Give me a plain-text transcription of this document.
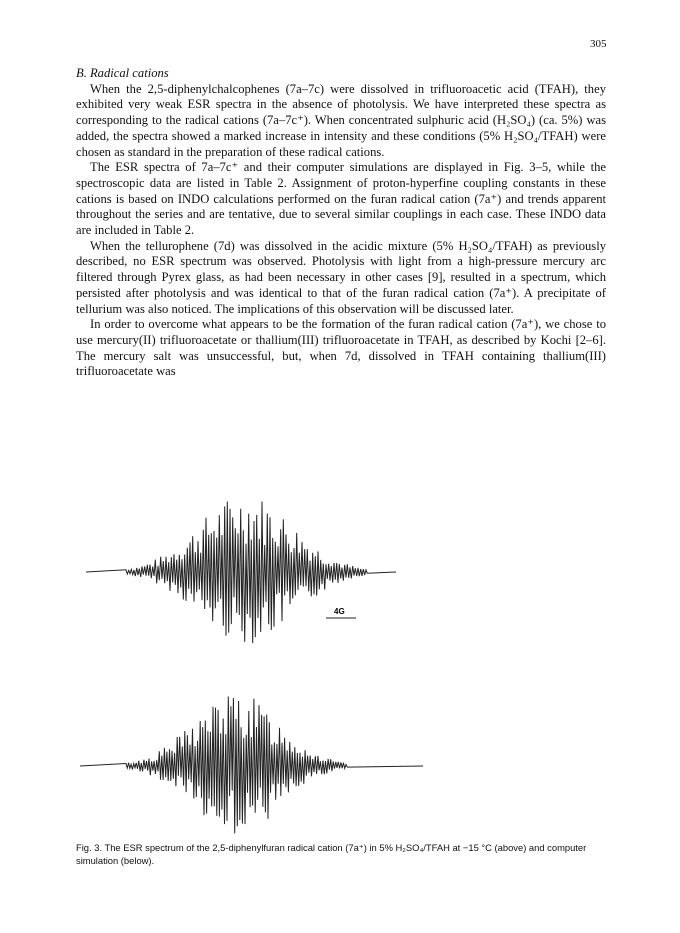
305

B. Radical cations

When the 2,5-diphenylchalcophenes (7a–7c) were dissolved in trifluoroacetic acid (TFAH), they exhibited very weak ESR spectra in the absence of photolysis. We have interpreted these spectra as corresponding to the radical cations (7a–7c⁺). When concentrated sulphuric acid (H₂SO₄) (ca. 5%) was added, the spectra showed a marked increase in intensity and these conditions (5% H₂SO₄/TFAH) were chosen as standard in the preparation of these radical cations.

The ESR spectra of 7a–7c⁺ and their computer simulations are displayed in Fig. 3–5, while the spectroscopic data are listed in Table 2. Assignment of proton-hyperfine coupling constants in these cations is based on INDO calculations performed on the furan radical cation (7a⁺) and trends apparent throughout the series and are tentative, due to several similar couplings in each case. These INDO data are included in Table 2.

When the tellurophene (7d) was dissolved in the acidic mixture (5% H₂SO₄/TFAH) as previously described, no ESR spectrum was observed. Photolysis with light from a high-pressure mercury arc filtered through Pyrex glass, as had been necessary in other cases [9], resulted in a spectrum, which persisted after photolysis and was identical to that of the furan radical cation (7a⁺). A precipitate of tellurium was also noticed. The implications of this observation will be discussed later.

In order to overcome what appears to be the formation of the furan radical cation (7a⁺), we chose to use mercury(II) trifluoroacetate or thallium(III) trifluoroacetate in TFAH, as described by Kochi [2–6]. The mercury salt was unsuccessful, but, when 7d, dissolved in TFAH containing thallium(III) trifluoroacetate was

4G
Fig. 3. The ESR spectrum of the 2,5-diphenylfuran radical cation (7a⁺) in 5% H₂SO₄/TFAH at −15 °C (above) and computer simulation (below).
